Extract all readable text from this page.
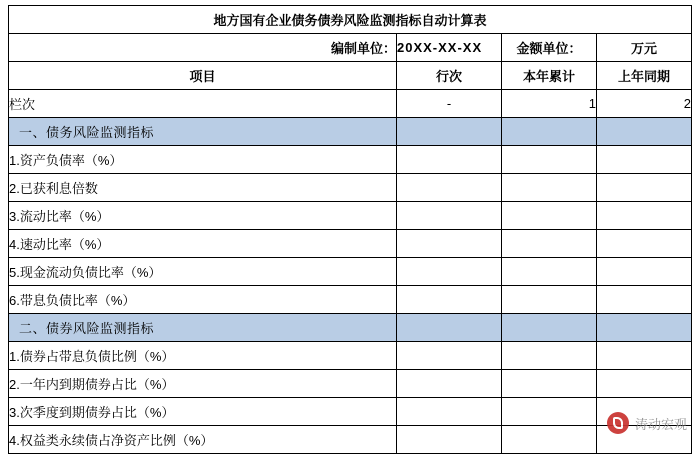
地方国有企业债务债券风险监测指标自动计算表			
编制单位：	20XX-XX-XX	金额单位：	万元
项目	行次	本年累计	上年同期
栏次	-	1	2
一、债务风险监测指标			
1.资产负债率（%）			
2.已获利息倍数			
3.流动比率（%）			
4.速动比率（%）			
5.现金流动负债比率（%）			
6.带息负债比率（%）			
二、债券风险监测指标			
1.债券占带息负债比例（%）			
2.一年内到期债券占比（%）			
3.次季度到期债券占比（%）			
4.权益类永续债占净资产比例（%）			
涛动宏观
